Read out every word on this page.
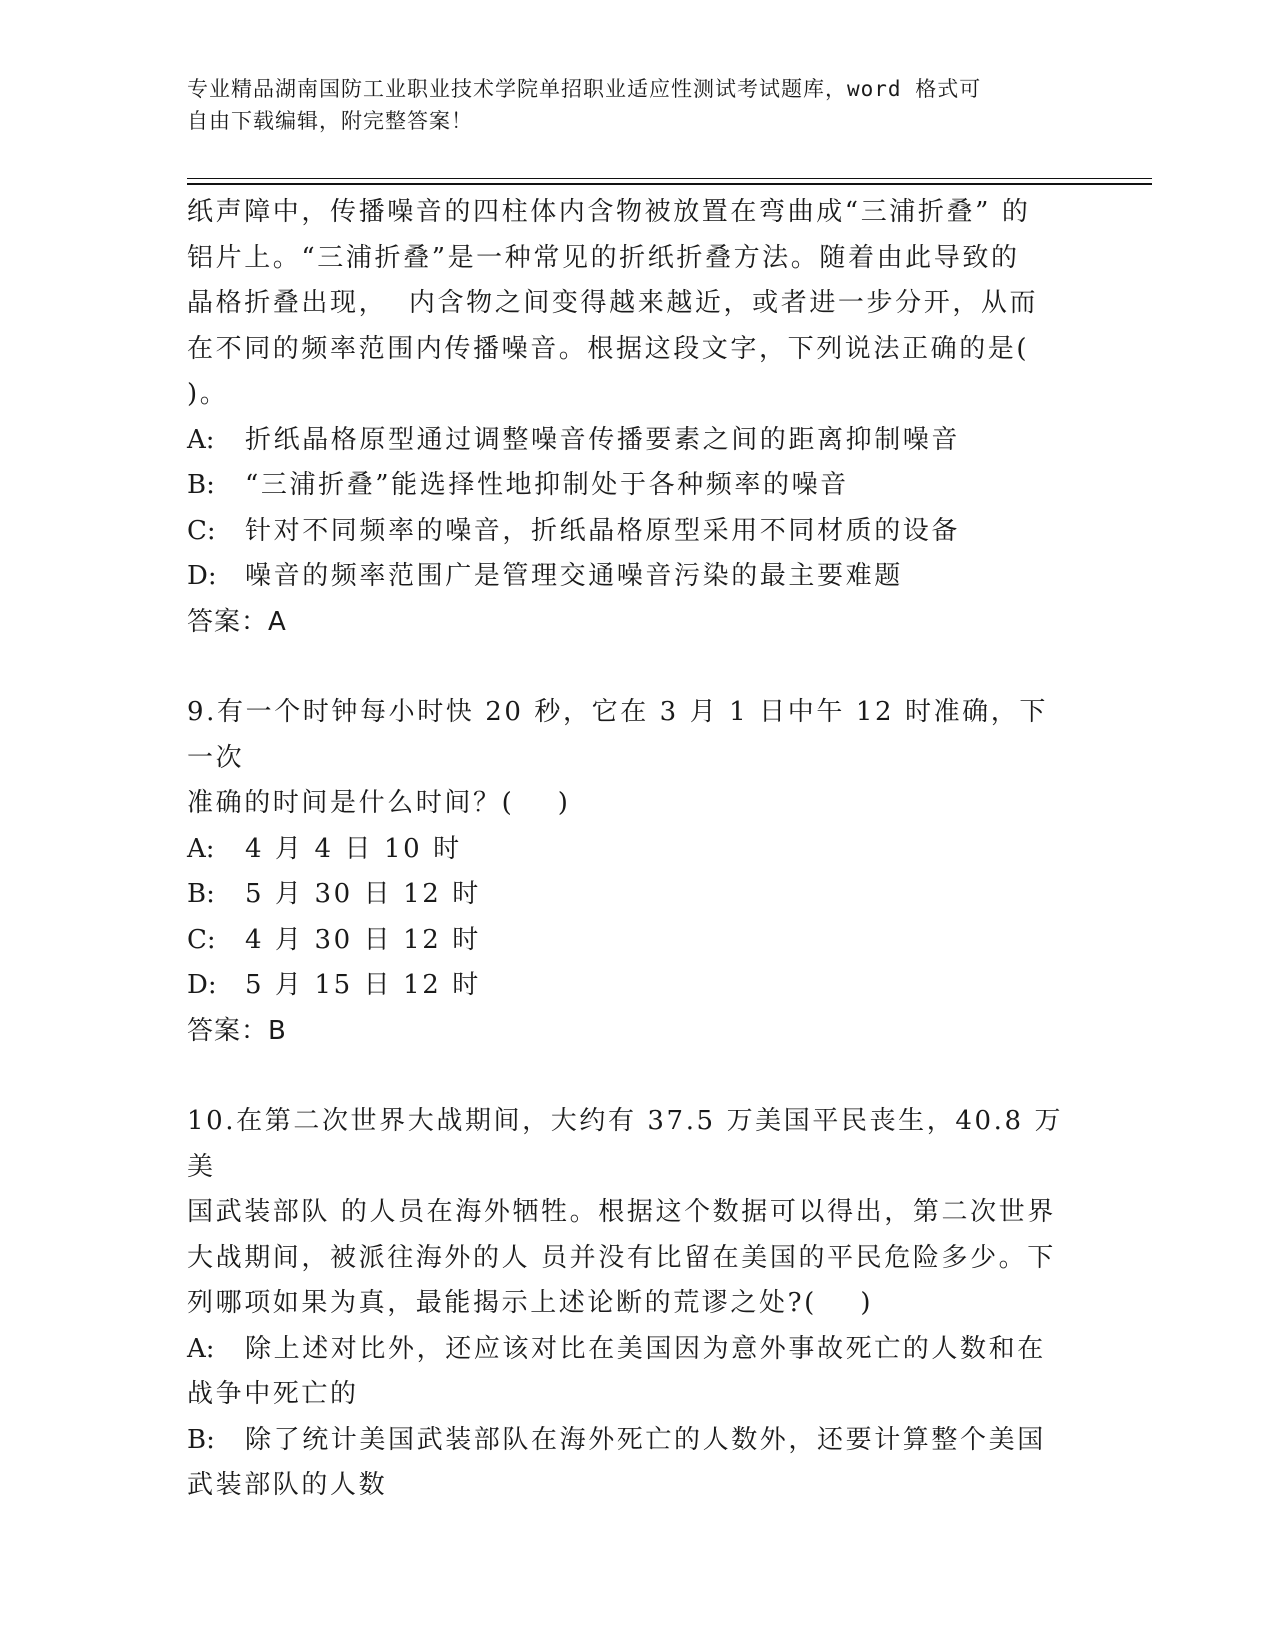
专业精品湖南国防工业职业技术学院单招职业适应性测试考试题库，word 格式可
自由下载编辑，附完整答案！

纸声障中，传播噪音的四柱体内含物被放置在弯曲成“三浦折叠” 的

铝片上。“三浦折叠”是一种常见的折纸折叠方法。随着由此导致的

晶格折叠出现，  内含物之间变得越来越近，或者进一步分开，从而

在不同的频率范围内传播噪音。根据这段文字，下列说法正确的是(

)。

A: 折纸晶格原型通过调整噪音传播要素之间的距离抑制噪音

B: “三浦折叠”能选择性地抑制处于各种频率的噪音

C: 针对不同频率的噪音，折纸晶格原型采用不同材质的设备

D: 噪音的频率范围广是管理交通噪音污染的最主要难题

答案：A

9.有一个时钟每小时快 20 秒，它在 3 月 1 日中午 12 时准确，下一次

准确的时间是什么时间？(    )

A: 4 月 4 日 10 时

B: 5 月 30 日 12 时

C: 4 月 30 日 12 时

D: 5 月 15 日 12 时

答案：B

10.在第二次世界大战期间，大约有 37.5 万美国平民丧生，40.8 万美

国武装部队 的人员在海外牺牲。根据这个数据可以得出，第二次世界

大战期间，被派往海外的人 员并没有比留在美国的平民危险多少。下

列哪项如果为真，最能揭示上述论断的荒谬之处?(    )

A: 除上述对比外，还应该对比在美国因为意外事故死亡的人数和在

战争中死亡的

B: 除了统计美国武装部队在海外死亡的人数外，还要计算整个美国

武装部队的人数
